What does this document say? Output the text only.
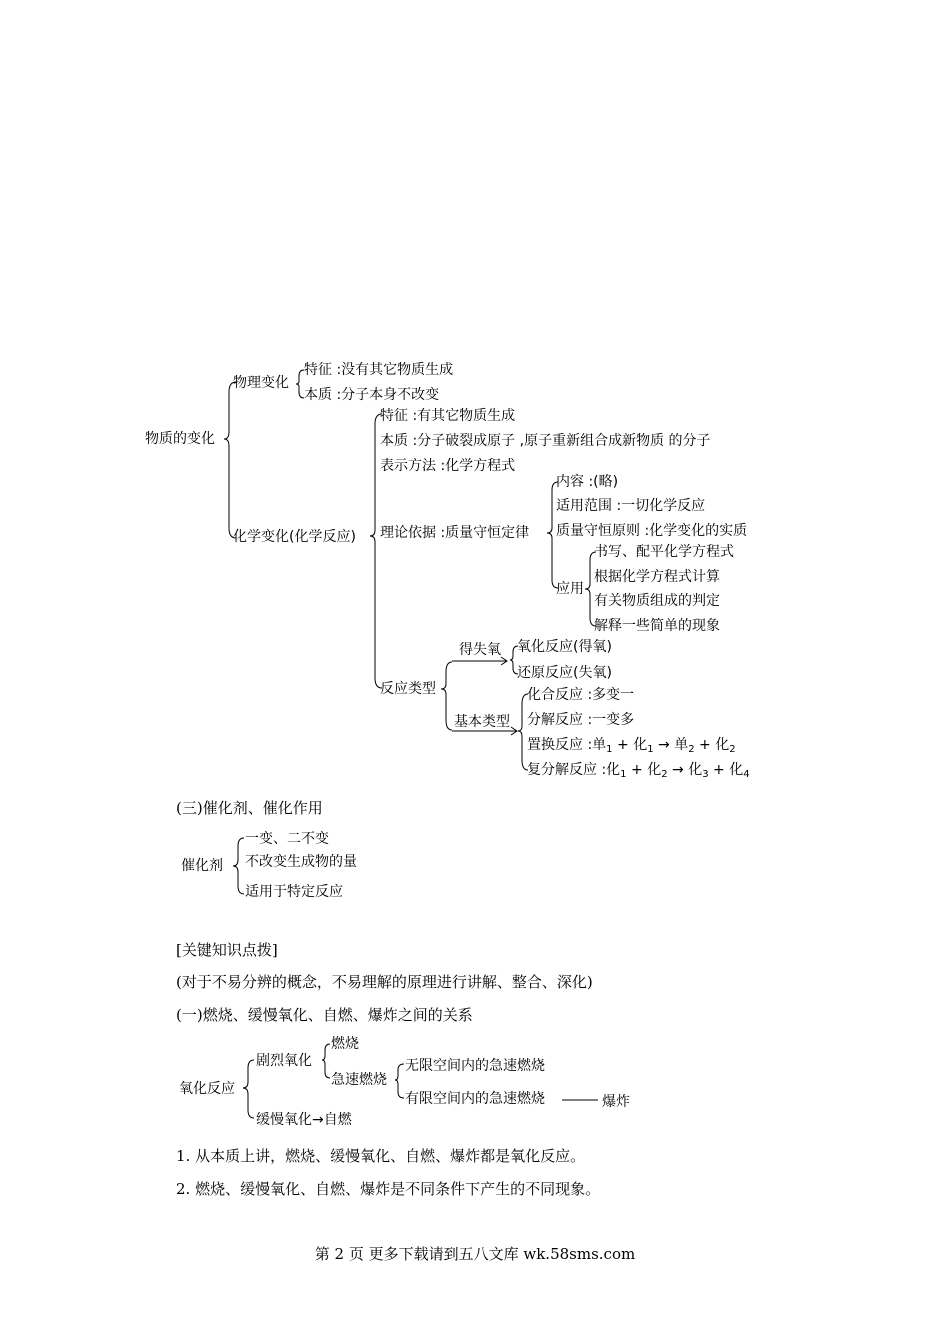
物质的变化
物理变化
特征 :没有其它物质生成
本质 :分子本身不改变
化学变化(化学反应)
特征 :有其它物质生成
本质 :分子破裂成原子 ,原子重新组合成新物质 的分子
表示方法 :化学方程式
理论依据 :质量守恒定律
内容 :(略)
适用范围 :一切化学反应
质量守恒原则 :化学变化的实质
应用
书写、配平化学方程式
根据化学方程式计算
有关物质组成的判定
解释一些简单的现象
反应类型
得失氧 氧化反应(得氧)
还原反应(失氧)
基本类型
化合反应 :多变一
分解反应 :一变多
置换反应 :单$_1$ + 化$_1$ → 单$_2$ + 化$_2$
复分解反应 :化$_1$ + 化$_2$ → 化$_3$ + 化$_4$
(三)催化剂、催化作用
催化剂
一变、二不变
不改变生成物的量
适用于特定反应
[关键知识点拨]
(对于不易分辨的概念，不易理解的原理进行讲解、整合、深化)
(一)燃烧、缓慢氧化、自燃、爆炸之间的关系
氧化反应
剧烈氧化
燃烧
急速燃烧
无限空间内的急速燃烧
有限空间内的急速燃烧	爆炸
缓慢氧化→自燃
1. 从本质上讲，燃烧、缓慢氧化、自燃、爆炸都是氧化反应。
2. 燃烧、缓慢氧化、自燃、爆炸是不同条件下产生的不同现象。
第 2 页 更多下载请到五八文库 wk.58sms.com
